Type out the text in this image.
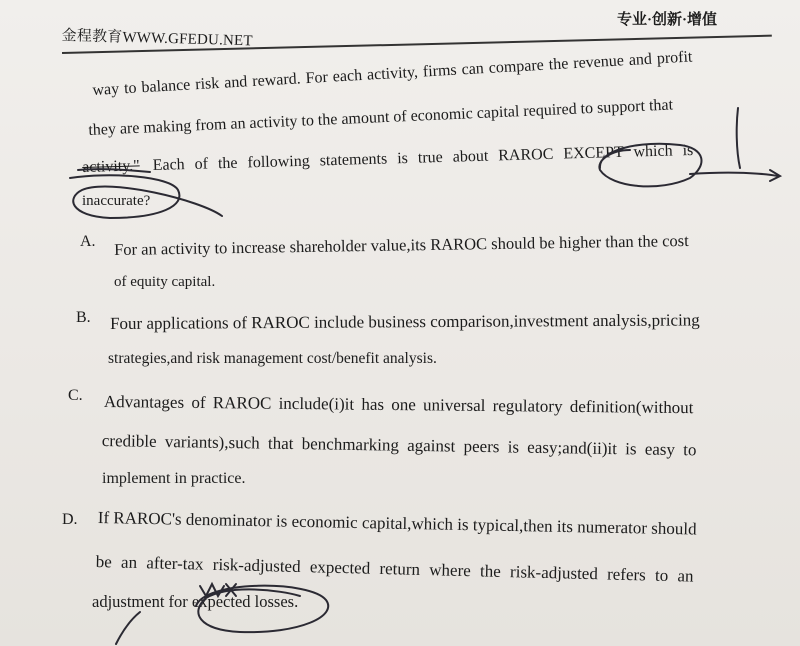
金程教育WWW.GFEDU.NET
专业·创新·增值
way to balance risk and reward. For each activity, firms can compare the revenue and profit
they are making from an activity to the amount of economic capital required to support that
activity." Each of the following statements is true about RAROC EXCEPT which is
inaccurate?
A. For an activity to increase shareholder value,its RAROC should be higher than the cost
of equity capital.
B. Four applications of RAROC include business comparison,investment analysis,pricing
strategies,and risk management cost/benefit analysis.
C. Advantages of RAROC include(i)it has one universal regulatory definition(without
credible variants),such that benchmarking against peers is easy;and(ii)it is easy to
implement in practice.
D. If RAROC's denominator is economic capital,which is typical,then its numerator should
be an after-tax risk-adjusted expected return where the risk-adjusted refers to an
adjustment for expected losses.
